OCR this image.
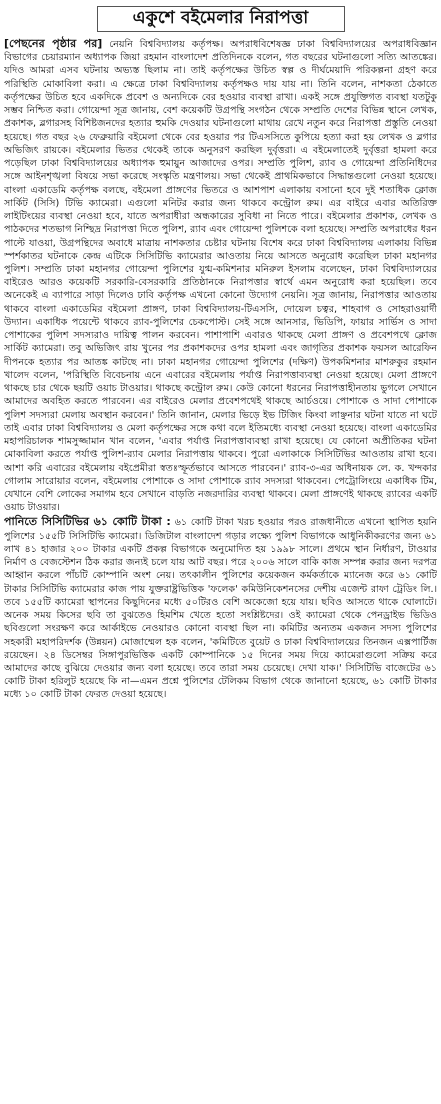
একুশে বইমেলার নিরাপত্তা

[পেছনের পৃষ্ঠার পর] নেয়নি বিশ্ববিদ্যালয় কর্তৃপক্ষ। অপরাধবিশেষজ্ঞ ঢাকা বিশ্ববিদ্যালয়ের অপরাধবিজ্ঞান বিভাগের চেয়ারম্যান অধ্যাপক জিয়া রহমান বাংলাদেশ প্রতিদিনকে বলেন, গত বছরের ঘটনাগুলো সত্যি আতঙ্কের। যদিও আমরা এসব ঘটনায় অভ্যস্ত ছিলাম না। তাই কর্তৃপক্ষের উচিত স্বল্প ও দীর্ঘমেয়াদি পরিকল্পনা গ্রহণ করে পরিস্থিতি মোকাবিলা করা। এ ক্ষেত্রে ঢাকা বিশ্ববিদ্যালয় কর্তৃপক্ষও দায় যায় না। তিনি বলেন, নাশকতা ঠেকাতে কর্তৃপক্ষের উচিত হবে একদিকে প্রবেশ ও অন্যদিকে বের হওয়ার ব্যবস্থা রাখা। একই সঙ্গে প্রযুক্তিগত ব্যবস্থা যতটুকু সম্ভব নিশ্চিত করা। গোয়েন্দা সূত্র জানায়, বেশ কয়েকটি উগ্রপন্থি সংগঠন থেকে সম্প্রতি দেশের বিভিন্ন স্থানে লেখক, প্রকাশক, ব্লগারসহ বিশিষ্টজনদের হত্যার হুমকি দেওয়ার ঘটনাগুলো মাথায় রেখে নতুন করে নিরাপত্তা প্রস্তুতি নেওয়া হয়েছে। গত বছর ২৬ ফেব্রুয়ারি বইমেলা থেকে বের হওয়ার পর টিএসসিতে কুপিয়ে হত্যা করা হয় লেখক ও ব্লগার অভিজিৎ রায়কে। বইমেলার ভিতর থেকেই তাকে অনুসরণ করছিল দুর্বৃত্তরা। এ বইমেলাতেই দুর্বৃত্তরা হামলা করে পড়েছিল ঢাকা বিশ্ববিদ্যালয়ের অধ্যাপক হুমায়ুন আজাদের ওপর। সম্প্রতি পুলিশ, র‌্যাব ও গোয়েন্দা প্রতিনিধিদের সঙ্গে আইনশৃঙ্খলা বিষয়ে সভা করেছে সংস্কৃতি মন্ত্রণালয়। সভা থেকেই প্রাথমিকভাবে সিদ্ধান্তগুলো নেওয়া হয়েছে। বাংলা একাডেমি কর্তৃপক্ষ বলছে, বইমেলা প্রাঙ্গণের ভিতরে ও আশপাশ এলাকায় বসানো হবে দুই শতাধিক ক্লোজ সার্কিট (সিসি) টিভি ক্যামেরা। এগুলো মনিটর করার জন্য থাকবে কন্ট্রোল রুম। এর বাইরে এবার অতিরিক্ত লাইটিংয়ের ব্যবস্থা নেওয়া হবে, যাতে অপরাধীরা অন্ধকারের সুবিধা না নিতে পারে। বইমেলার প্রকাশক, লেখক ও পাঠকদের শতভাগ নিশ্ছিদ্র নিরাপত্তা দিতে পুলিশ, র‌্যাব এবং গোয়েন্দা পুলিশকে বলা হয়েছে। সম্প্রতি অপরাধের ধরন পাল্টে যাওয়া, উগ্রপন্থিদের অবাধে মাত্রায় নাশকতার চেষ্টার ঘটনায় বিশেষ করে ঢাকা বিশ্ববিদ্যালয় এলাকায় বিভিন্ন স্পর্শকাতর ঘটনাকে কেন্দ্র এটিকে সিসিটিভি ক্যামেরার আওতায় নিয়ে আসতে অনুরোধ করেছিল ঢাকা মহানগর পুলিশ। সম্প্রতি ঢাকা মহানগর গোয়েন্দা পুলিশের যুগ্ম-কমিশনার মনিরুল ইসলাম বলেছেন, ঢাকা বিশ্ববিদ্যালয়ের বাইরেও আরও কয়েকটি সরকারি-বেসরকারি প্রতিষ্ঠানকে নিরাপত্তার স্বার্থে এমন অনুরোধ করা হয়েছিল। তবে অনেকেই এ ব্যাপারে সাড়া দিলেও ঢাবি কর্তৃপক্ষ এখনো কোনো উদ্যোগ নেয়নি। সূত্র জানায়, নিরাপত্তার আওতায় থাকবে বাংলা একাডেমির বইমেলা প্রাঙ্গণ, ঢাকা বিশ্ববিদ্যালয়-টিএসসি, দোয়েল চত্বর, শাহবাগ ও সোহরাওয়ার্দী উদ্যান। একাধিক পয়েন্টে থাকবে র‌্যাব-পুলিশের চেকপোস্ট। সেই সঙ্গে আনসার, ভিডিপি, ফায়ার সার্ভিস ও সাদা পোশাকের পুলিশ সদস্যরাও দায়িত্ব পালন করবেন। পাশাপাশি এবারও থাকছে মেলা প্রাঙ্গণ ও প্রবেশপথে ক্লোজ সার্কিট ক্যামেরা। তবু অভিজিৎ রায় খুনের পর প্রকাশকদের ওপর হামলা এবং জাগৃতির প্রকাশক ফয়সল আরেফিন দীপনকে হত্যার পর আতঙ্ক কাটছে না। ঢাকা মহানগর গোয়েন্দা পুলিশের (দক্ষিণ) উপকমিশনার মাশরুকুর রহমান খালেদ বলেন, 'পরিস্থিতি বিবেচনায় এনে এবারের বইমেলায় পর্যাপ্ত নিরাপত্তাব্যবস্থা নেওয়া হয়েছে। মেলা প্রাঙ্গণে থাকছে চার থেকে ছয়টি ওয়াচ টাওয়ার। থাকছে কন্ট্রোল রুম। কেউ কোনো ধরনের নিরাপত্তাহীনতায় ভুগলে সেখানে আমাদের অবহিত করতে পারবেন। এর বাইরেও মেলার প্রবেশপথেই থাকছে আর্চওয়ে। পোশাকে ও সাদা পোশাকে পুলিশ সদস্যরা মেলায় অবস্থান করবেন।' তিনি জানান, মেলার ভিড়ে ইভ টিজিং কিংবা লাঞ্ছনার ঘটনা যাতে না ঘটে তাই এবার ঢাকা বিশ্ববিদ্যালয় ও মেলা কর্তৃপক্ষের সঙ্গে কথা বলে ইতিমধ্যে ব্যবস্থা নেওয়া হয়েছে। বাংলা একাডেমির মহাপরিচালক শামসুজ্জামান খান বলেন, 'এবার পর্যাপ্ত নিরাপত্তাব্যবস্থা রাখা হয়েছে। যে কোনো অপ্রীতিকর ঘটনা মোকাবিলা করতে পর্যাপ্ত পুলিশ-র‌্যাব মেলার নিরাপত্তায় থাকবে। পুরো এলাকাকে সিসিটিভির আওতায় রাখা হবে। আশা করি এবারের বইমেলায় বইপ্রেমীরা স্বতঃস্ফূর্তভাবে আসতে পারবেন।' র‌্যাব-৩-এর অধিনায়ক লে. ক. খন্দকার গোলাম সারোয়ার বলেন, বইমেলায় পোশাকে ও সাদা পোশাকে র‌্যাব সদস্যরা থাকবেন। পেট্রোলিংয়ে একাধিক টিম, যেখানে বেশি লোকের সমাগম হবে সেখানে বাড়তি নজরদারির ব্যবস্থা থাকবে। মেলা প্রাঙ্গণেই থাকছে র‌্যাবের একটি ওয়াচ টাওয়ার।

পানিতে সিসিটিভির ৬১ কোটি টাকা : ৬১ কোটি টাকা খরচ হওয়ার পরও রাজধানীতে এখনো স্থাপিত হয়নি পুলিশের ১৫৫টি সিসিটিভি ক্যামেরা। ডিজিটাল বাংলাদেশ গড়ার লক্ষ্যে পুলিশ বিভাগকে আধুনিকীকরণের জন্য ৬১ লাখ ৪১ হাজার ২০০ টাকার একটি প্রকল্প বিভাগকে অনুমোদিত হয় ১৯৯৮ সালে। প্রথমে স্থান নির্ধারণ, টাওয়ার নির্মাণ ও বেজস্টেশন ঠিক করার জন্যই চলে যায় আট বছর। পরে ২০০৬ সালে বাকি কাজ সম্পন্ন করার জন্য দরপত্র আহ্বান করলে পাঁচটি কোম্পানি অংশ নেয়। তৎকালীন পুলিশের কয়েকজন কর্মকর্তাকে ম্যানেজ করে ৬১ কোটি টাকার সিসিটিভি ক্যামেরার কাজ পায় যুক্তরাষ্ট্রভিত্তিক 'ফলেক' কমিউনিকেশনসের দেশীয় এজেন্ট রাফা ট্রেডিং লি.। তবে ১৫৫টি ক্যামেরা স্থাপনের কিছুদিনের মধ্যে ৫০টিরও বেশি অকেজো হয়ে যায়। ছবিও আসতে থাকে ঘোলাটে। অনেক সময় কিসের ছবি তা বুঝতেও হিমশিম খেতে হতো সংশ্লিষ্টদের। ওই ক্যামেরা থেকে পেনড্রাইভ ভিডিও ছবিগুলো সংরক্ষণ করে আর্কাইভে নেওয়ারও কোনো ব্যবস্থা ছিল না। কমিটির অন্যতম একজন সদস্য পুলিশের সহকারী মহাপরিদর্শক (উন্নয়ন) মোজাম্মেল হক বলেন, 'কমিটিতে বুয়েট ও ঢাকা বিশ্ববিদ্যালয়ের তিনজন এক্সপার্টিজ রয়েছেন। ২৪ ডিসেম্বর সিঙ্গাপুরভিত্তিক একটি কোম্পানিকে ১৫ দিনের সময় দিয়ে ক্যামেরাগুলো সক্রিয় করে আমাদের কাছে বুঝিয়ে দেওয়ার জন্য বলা হয়েছে। তবে তারা সময় চেয়েছে। দেখা যাক।' সিসিটিভি বাজেটের ৬১ কোটি টাকা হরিলুট হয়েছে কি না—এমন প্রশ্নে পুলিশের টেলিকম বিভাগ থেকে জানানো হয়েছে, ৬১ কোটি টাকার মধ্যে ১০ কোটি টাকা ফেরত দেওয়া হয়েছে।
